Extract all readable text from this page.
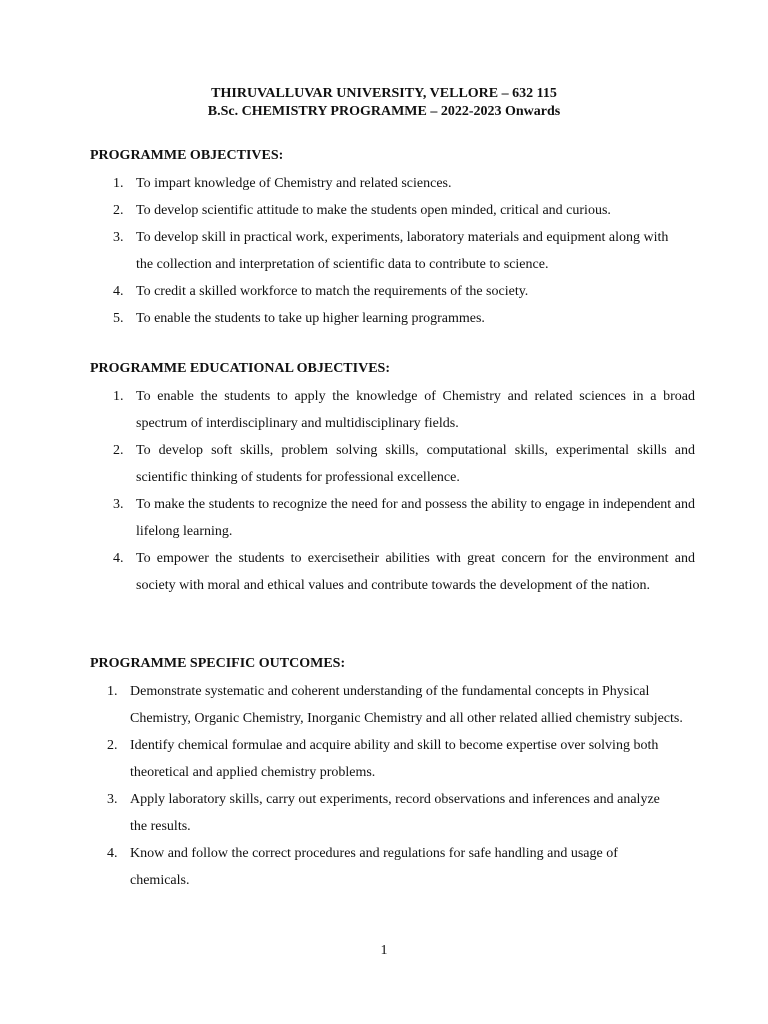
THIRUVALLUVAR UNIVERSITY, VELLORE – 632 115
B.Sc. CHEMISTRY PROGRAMME – 2022-2023 Onwards
PROGRAMME OBJECTIVES:
1. To impart knowledge of Chemistry and related sciences.
2. To develop scientific attitude to make the students open minded, critical and curious.
3. To develop skill in practical work, experiments, laboratory materials and equipment along with the collection and interpretation of scientific data to contribute to science.
4. To credit a skilled workforce to match the requirements of the society.
5. To enable the students to take up higher learning programmes.
PROGRAMME EDUCATIONAL OBJECTIVES:
1. To enable the students to apply the knowledge of Chemistry and related sciences in a broad spectrum of interdisciplinary and multidisciplinary fields.
2. To develop soft skills, problem solving skills, computational skills, experimental skills and scientific thinking of students for professional excellence.
3. To make the students to recognize the need for and possess the ability to engage in independent and lifelong learning.
4. To empower the students to exercisetheir abilities with great concern for the environment and society with moral and ethical values and contribute towards the development of the nation.
PROGRAMME SPECIFIC OUTCOMES:
1. Demonstrate systematic and coherent understanding of the fundamental concepts in Physical Chemistry, Organic Chemistry, Inorganic Chemistry and all other related allied chemistry subjects.
2. Identify chemical formulae and acquire ability and skill to become expertise over solving both theoretical and applied chemistry problems.
3. Apply laboratory skills, carry out experiments, record observations and inferences and analyze the results.
4. Know and follow the correct procedures and regulations for safe handling and usage of chemicals.
1
